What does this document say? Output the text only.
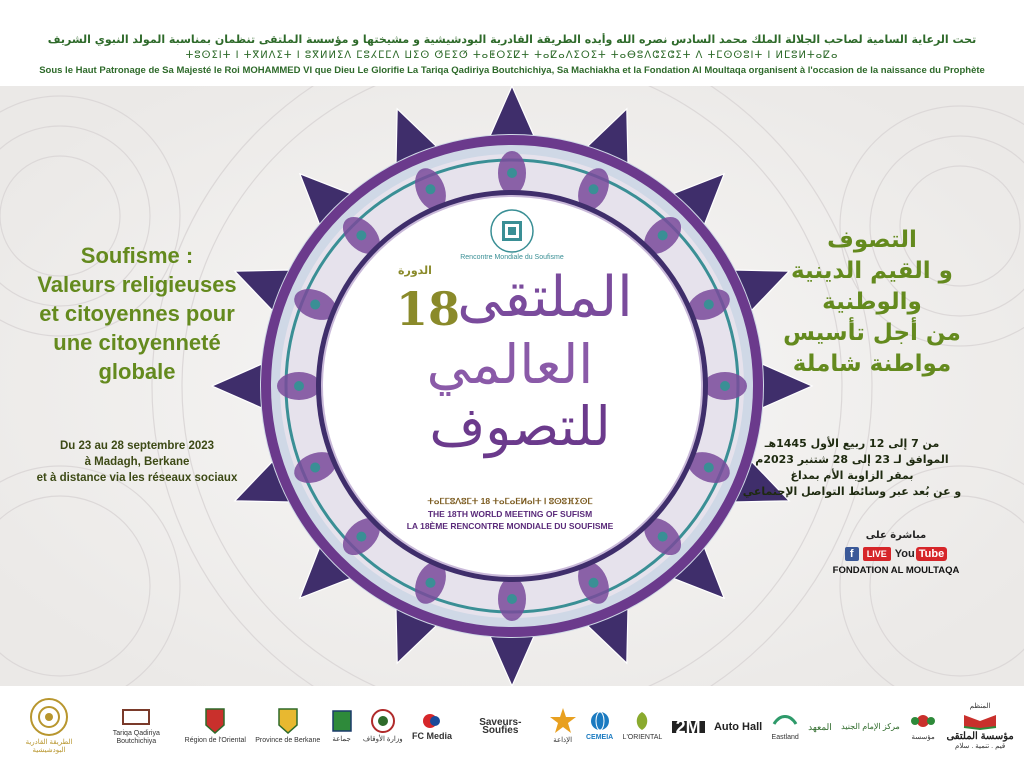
تحت الرعاية السامية لصاحب الجلالة الملك محمد السادس نصره الله وأيده الطريقة القادرية البودشيشية و مشيختها و مؤسسة الملتقى تنظمان بمناسبة المولد النبوي الشريف
ⵜⵓⵙⵉⵏⵜ ⵏ ⵜⴳⵍⴷⵉⵜ ⵏ ⵓⴳⵍⵍⵉⴷ ⵎⵓⵃⵎⵎⴷ ⵡⵉⵙ ⵚⴹⵉⵚ ⵜⴰⵟⵔⵉⵇⵜ ⵜⴰⵇⴰⴷⵉⵔⵉⵜ ⵜⴰⴱⵓⴷⵛⵉⵛⵉⵜ ⴷ ⵜⵎⵙⵙⵓⵏⵜ ⵏ ⵍⵎⵓⵍⵜⴰⵇⴰ
Sous le Haut Patronage de Sa Majesté le Roi MOHAMMED VI que Dieu Le Glorifie La Tariqa Qadiriya Boutchichiya, Sa Machiakha et la Fondation Al Moultaqa organisent à l'occasion de la naissance du Prophète
Rencontre Mondiale du Soufisme
الدورة
18
الملتقى
العالمي
للتصوف
ⵜⴰⵎⵎⵓⴷⵓⵎⵜ 18 ⵜⴰⵎⴰⴹⵍⴰⵏⵜ ⵏ ⵓⵙⵓⴼⵉⵙⵎ
THE 18TH WORLD MEETING OF SUFISM
LA 18ÈME RENCONTRE MONDIALE DU SOUFISME
Soufisme :
Valeurs religieuses
et citoyennes pour
une citoyenneté
globale
Du 23 au 28 septembre 2023
à Madagh, Berkane
et à distance via les réseaux sociaux
التصوف
و القيم الدينية
والوطنية
من أجل تأسيس
مواطنة شاملة
من 7 إلى 12 ربيع الأول 1445هـ
الموافق لـ 23 إلى 28 شتنبر 2023م
بمقر الزاوية الأم بمداغ
و عن بُعد عبر وسائط التواصل الإجتماعي
مباشرة على
f	LIVE You Tube
FONDATION AL MOULTAQA
الطريقة القادرية البودشيشية
Tariqa Qadiriya Boutchichiya	Région de l'Oriental Province de Berkane جماعة وزارة الأوقاف FC Media
Saveurs-Soufies
الإذاعة CEMEIA L'ORIENTAL
2M	Auto Hall
Eastland
المعهد مركز الإمام الجنيد
مؤسسة
المنظم
مؤسسة الملتقى
قيم . تنمية . سلام
